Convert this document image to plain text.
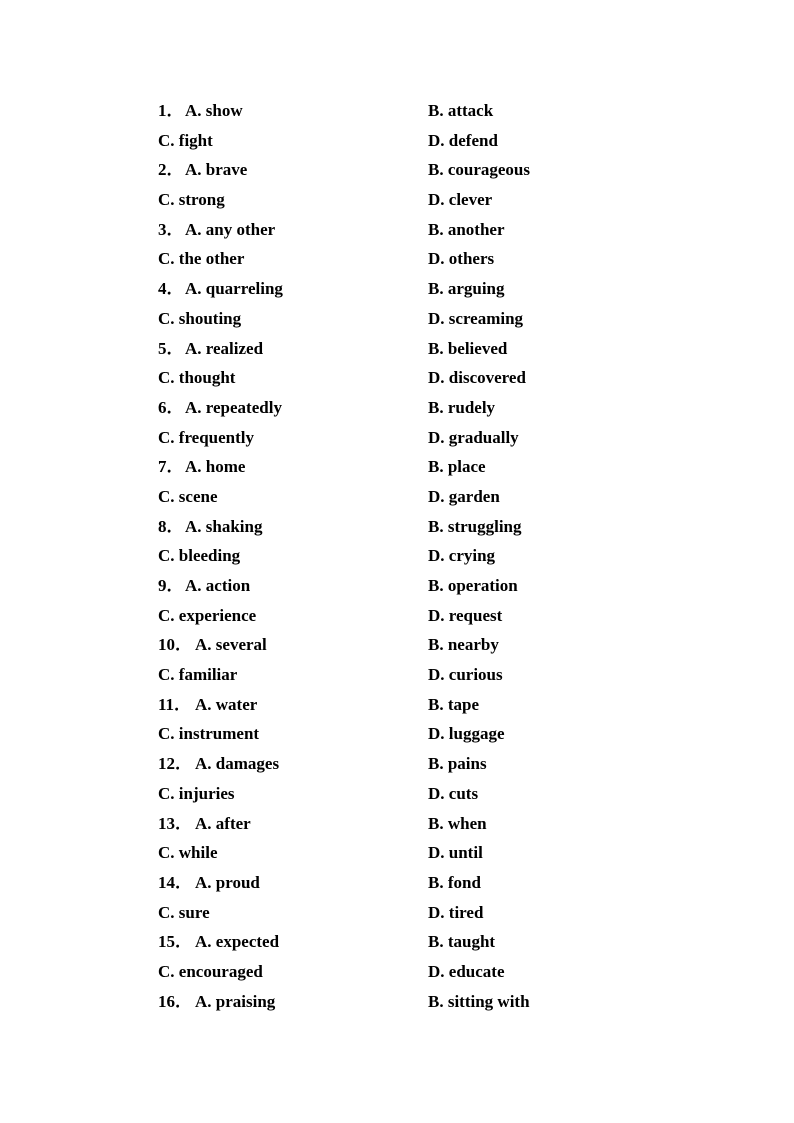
1．A. show	B. attack
C. fight	D. defend
2．A. brave	B. courageous
C. strong	D. clever
3．A. any other	B. another
C. the other	D. others
4．A. quarreling	B. arguing
C. shouting	D. screaming
5．A. realized	B. believed
C. thought	D. discovered
6．A. repeatedly	B. rudely
C. frequently	D. gradually
7．A. home	B. place
C. scene	D. garden
8．A. shaking	B. struggling
C. bleeding	D. crying
9．A. action	B. operation
C. experience	D. request
10． A. several	B. nearby
C. familiar	D. curious
11． A. water	B. tape
C. instrument	D. luggage
12． A. damages	B. pains
C. injuries	D. cuts
13． A. after	B. when
C. while	D. until
14． A. proud	B. fond
C. sure	D. tired
15． A. expected	B. taught
C. encouraged	D. educate
16． A. praising	B. sitting with
